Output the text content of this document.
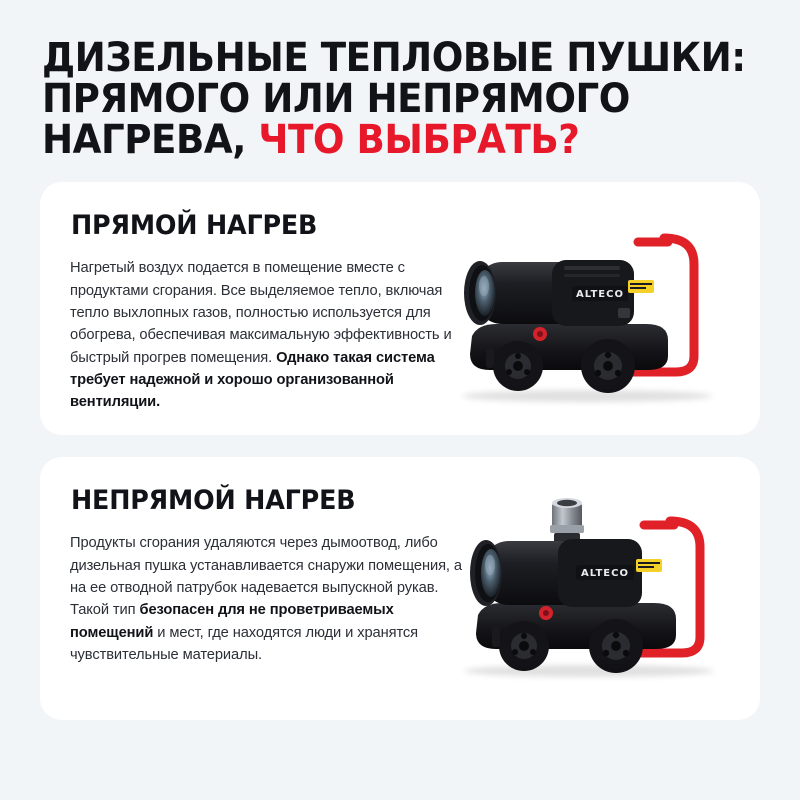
ДИЗЕЛЬНЫЕ ТЕПЛОВЫЕ ПУШКИ:
ПРЯМОГО ИЛИ НЕПРЯМОГО
НАГРЕВА, ЧТО ВЫБРАТЬ?
ПРЯМОЙ НАГРЕВ

Нагретый воздух подается в помещение вместе с продуктами сгорания. Все выделяемое тепло, включая тепло выхлопных газов, полностью используется для обогрева, обеспечивая максимальную эффективность и быстрый прогрев помещения. Однако такая система требует надежной и хорошо организованной вентиляции.

ALTECO
НЕПРЯМОЙ НАГРЕВ

Продукты сгорания удаляются через дымоотвод, либо дизельная пушка устанавливается снаружи помещения, а на ее отводной патрубок надевается выпускной рукав. Такой тип безопасен для не проветриваемых помещений и мест, где находятся люди и хранятся чувствительные материалы.

ALTECO
